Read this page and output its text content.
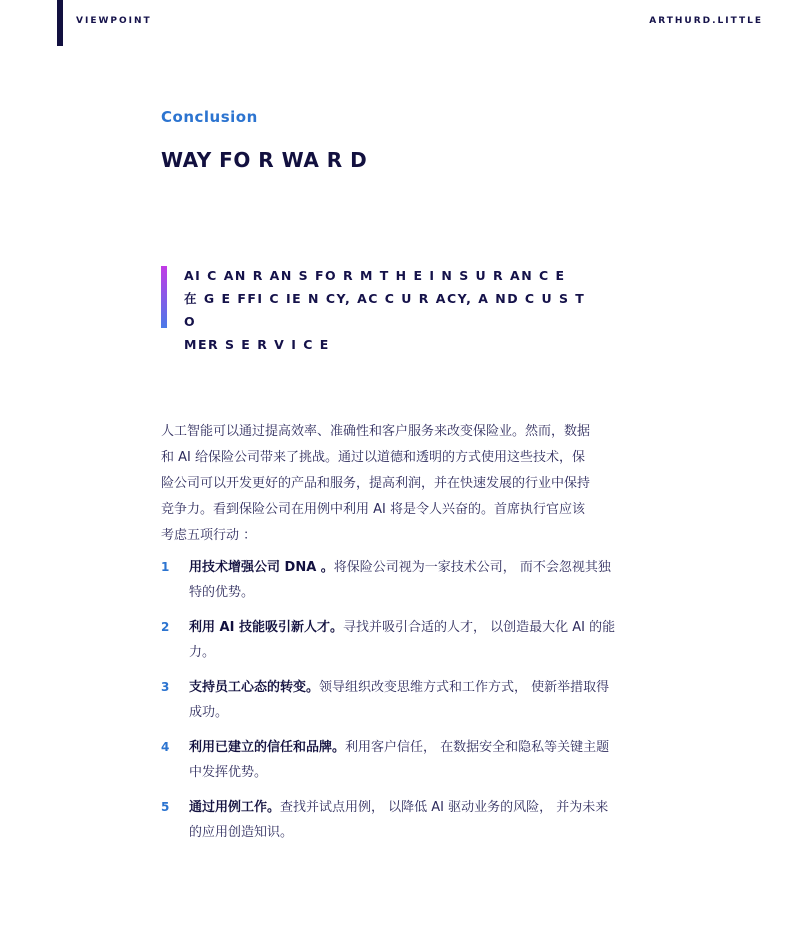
VIEWPOINT	ARTHURD.LITTLE
Conclusion
WAY FO R WA R D
AI C AN R AN S FO R M T H E I N S U R AN C E
在 G E FFI C IE N CY, AC C U R ACY, A ND C U S T O
MER S E R V I C E
人工智能可以通过提高效率、准确性和客户服务来改变保险业。然而，数据
和 AI 给保险公司带来了挑战。通过以道德和透明的方式使用这些技术，保
险公司可以开发更好的产品和服务，提高利润，并在快速发展的行业中保持
竞争力。看到保险公司在用例中利用 AI 将是令人兴奋的。首席执行官应该
考虑五项行动 ：
1 用技术增强公司 DNA 。将保险公司视为一家技术公司， 而不会忽视其独特的优势。
2 利用 AI 技能吸引新人才。寻找并吸引合适的人才， 以创造最大化 AI 的能力。
3 支持员工心态的转变。领导组织改变思维方式和工作方式， 使新举措取得成功。
4 利用已建立的信任和品牌。利用客户信任， 在数据安全和隐私等关键主题中发挥优势。
5 通过用例工作。查找并试点用例， 以降低 AI 驱动业务的风险， 并为未来的应用创造知识。
